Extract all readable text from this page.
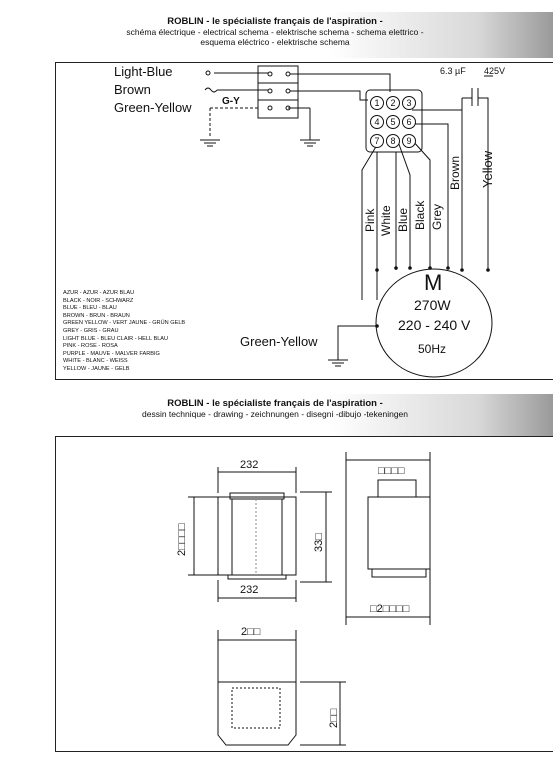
ROBLIN - le spécialiste français de l'aspiration -
schéma électrique - electrical schema - elektrische schema - schema elettrico -
esquema eléctrico - elektrische schema
Light-Blue
Brown
Green-Yellow	G-Y
6.3 µF 425V
1	2	3
4	5	6
7	8	9
Pink White Blue Black Grey
Brown Yellow
M
270W
220 - 240 V
50Hz
Green-Yellow
AZUR - AZUR - AZUR BLAU
BLACK - NOIR - SCHWARZ
BLUE - BLEU - BLAU
BROWN - BRUN - BRAUN
GREEN YELLOW - VERT JAUNE - GRÜN GELB
GREY - GRIS - GRAU
LIGHT BLUE - BLEU CLAIR - HELL BLAU
PINK - ROSE - ROSA
PURPLE - MAUVE - MALVER FARBIG
WHITE - BLANC - WEISS
YELLOW - JAUNE - GELB
ROBLIN - le spécialiste français de l'aspiration -
dessin technique - drawing - zeichnungen - disegni -dibujo -tekeningen
232
232
33□
2□□□□
□□□□
□2□□□□
2□□
2□□
